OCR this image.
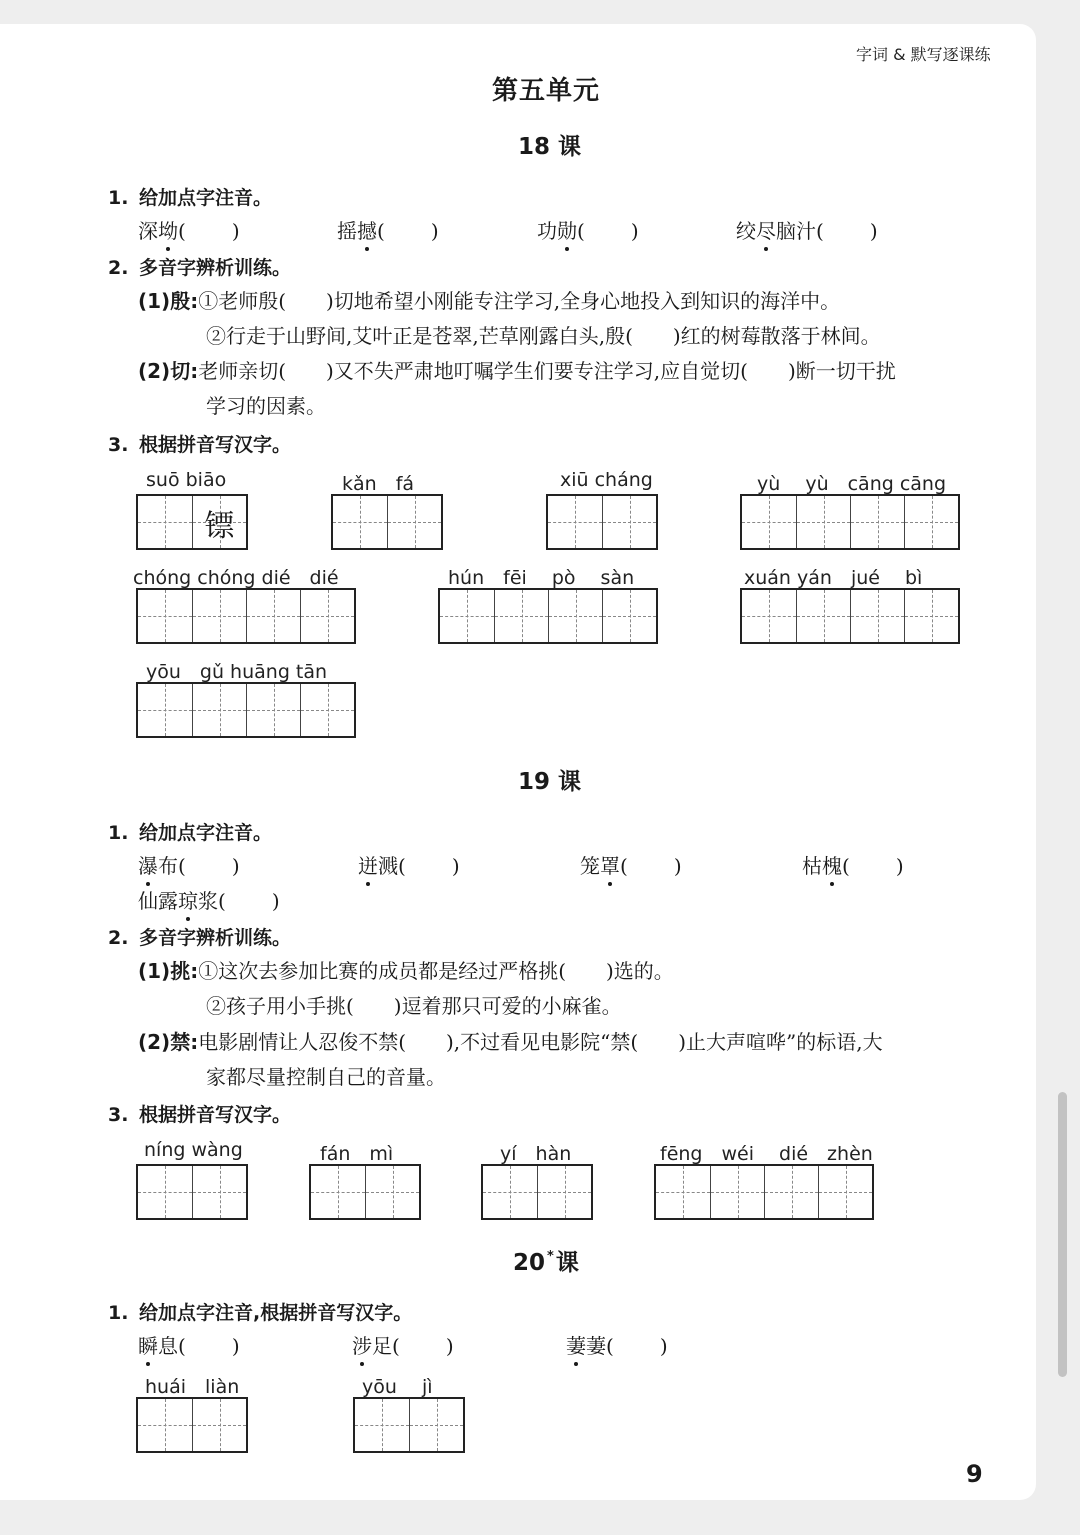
字词 & 默写逐课练
第五单元
18 课
1. 给加点字注音。
深坳( )	摇撼( )	功勋( )	绞尽脑汁( )
2. 多音字辨析训练。
(1)殷:①老师殷(　　)切地希望小刚能专注学习,全身心地投入到知识的海洋中。
②行走于山野间,艾叶正是苍翠,芒草刚露白头,殷(　　)红的树莓散落于林间。
(2)切:老师亲切(　　)又不失严肃地叮嘱学生们要专注学习,应自觉切(　　)断一切干扰
学习的因素。
3. 根据拼音写汉字。
suō biāo
镖
kǎn　fá	xiū cháng	yù　 yù　cāng cāng
chóng chóng dié　dié	hún　fēi　 pò　 sàn	xuán yán　jué　 bì
yōu　gǔ huāng tān
19 课
1. 给加点字注音。
瀑布( )	迸溅( )	笼罩( )	枯槐( )
仙露琼浆( )
2. 多音字辨析训练。
(1)挑:①这次去参加比赛的成员都是经过严格挑(　　)选的。
②孩子用小手挑(　　)逗着那只可爱的小麻雀。
(2)禁:电影剧情让人忍俊不禁(　　),不过看见电影院“禁(　　)止大声喧哗”的标语,大
家都尽量控制自己的音量。
3. 根据拼音写汉字。
níng wàng	fán　mì	yí　hàn	fēng　wéi　 dié　zhèn
20 *课
1. 给加点字注音,根据拼音写汉字。
瞬息( )	涉足( )	萋萋( )
huái　liàn	yōu　 jì
9
